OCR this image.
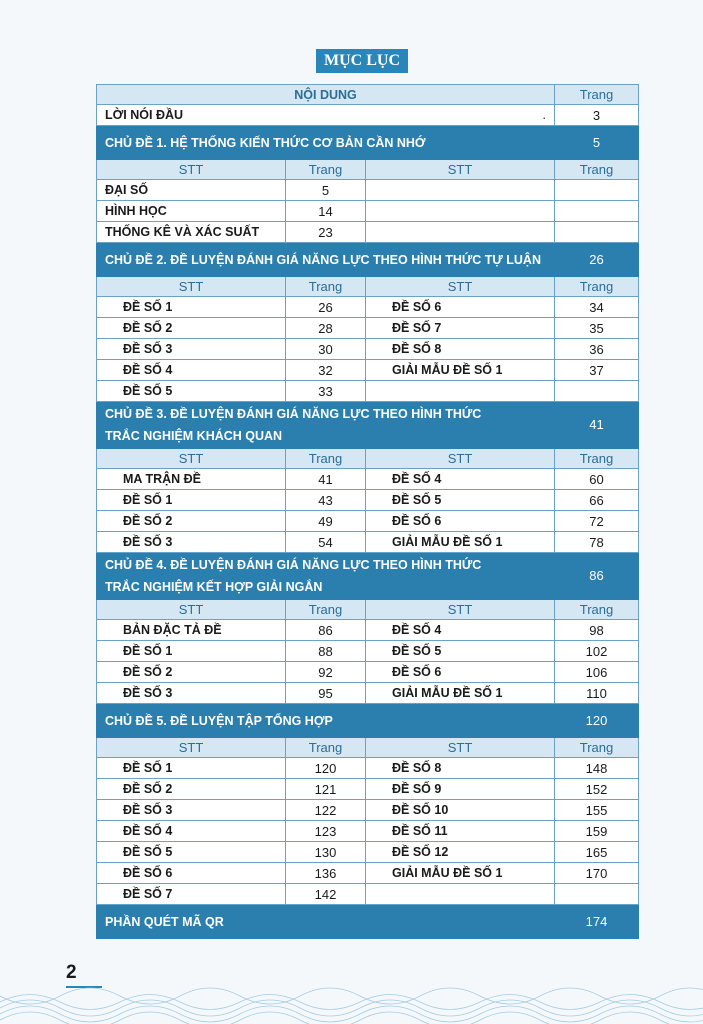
MỤC LỤC
NỘI DUNG			Trang
LỜI NÓI ĐẦU .			3
CHỦ ĐỀ 1. HỆ THỐNG KIẾN THỨC CƠ BẢN CẦN NHỚ			5
STT	Trang	STT	Trang
ĐẠI SỐ	5		
HÌNH HỌC	14		
THỐNG KÊ VÀ XÁC SUẤT	23		
CHỦ ĐỀ 2. ĐỀ LUYỆN ĐÁNH GIÁ NĂNG LỰC THEO HÌNH THỨC TỰ LUẬN			26
STT	Trang	STT	Trang
ĐỀ SỐ 1	26	ĐỀ SỐ 6	34
ĐỀ SỐ 2	28	ĐỀ SỐ 7	35
ĐỀ SỐ 3	30	ĐỀ SỐ 8	36
ĐỀ SỐ 4	32	GIẢI MẪU ĐỀ SỐ 1	37
ĐỀ SỐ 5	33		

CHỦ ĐỀ 3. ĐỀ LUYỆN ĐÁNH GIÁ NĂNG LỰC THEO HÌNH THỨC
TRẮC NGHIỆM KHÁCH QUAN			41
STT	Trang	STT	Trang
MA TRẬN ĐỀ	41	ĐỀ SỐ 4	60
ĐỀ SỐ 1	43	ĐỀ SỐ 5	66
ĐỀ SỐ 2	49	ĐỀ SỐ 6	72
ĐỀ SỐ 3	54	GIẢI MẪU ĐỀ SỐ 1	78

CHỦ ĐỀ 4. ĐỀ LUYỆN ĐÁNH GIÁ NĂNG LỰC THEO HÌNH THỨC
TRẮC NGHIỆM KẾT HỢP GIẢI NGẮN			86
STT	Trang	STT	Trang
BẢN ĐẶC TẢ ĐỀ	86	ĐỀ SỐ 4	98
ĐỀ SỐ 1	88	ĐỀ SỐ 5	102
ĐỀ SỐ 2	92	ĐỀ SỐ 6	106
ĐỀ SỐ 3	95	GIẢI MẪU ĐỀ SỐ 1	110
CHỦ ĐỀ 5. ĐỀ LUYỆN TẬP TỔNG HỢP			120
STT	Trang	STT	Trang
ĐỀ SỐ 1	120	ĐỀ SỐ 8	148
ĐỀ SỐ 2	121	ĐỀ SỐ 9	152
ĐỀ SỐ 3	122	ĐỀ SỐ 10	155
ĐỀ SỐ 4	123	ĐỀ SỐ 11	159
ĐỀ SỐ 5	130	ĐỀ SỐ 12	165
ĐỀ SỐ 6	136	GIẢI MẪU ĐỀ SỐ 1	170
ĐỀ SỐ 7	142		
PHẦN QUÉT MÃ QR			174
2
